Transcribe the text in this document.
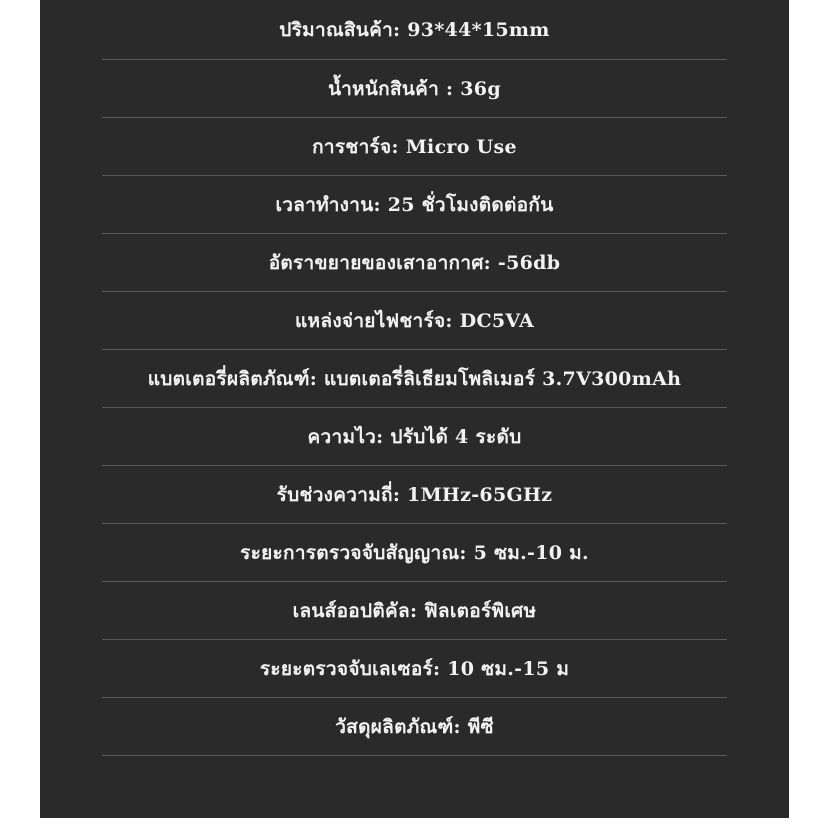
ปริมาณสินค้า: 93*44*15mm
น้ำหนักสินค้า : 36g
การชาร์จ: Micro Use
เวลาทำงาน: 25 ชั่วโมงติดต่อกัน
อัตราขยายของเสาอากาศ: -56db
แหล่งจ่ายไฟชาร์จ: DC5VA
แบตเตอรี่ผลิตภัณฑ์: แบตเตอรี่ลิเธียมโพลิเมอร์ 3.7V300mAh
ความไว: ปรับได้ 4 ระดับ
รับช่วงความถี่: 1MHz-65GHz
ระยะการตรวจจับสัญญาณ: 5 ซม.-10 ม.
เลนส์ออปติคัล: ฟิลเตอร์พิเศษ
ระยะตรวจจับเลเซอร์: 10 ซม.-15 ม
วัสดุผลิตภัณฑ์: พีซี
